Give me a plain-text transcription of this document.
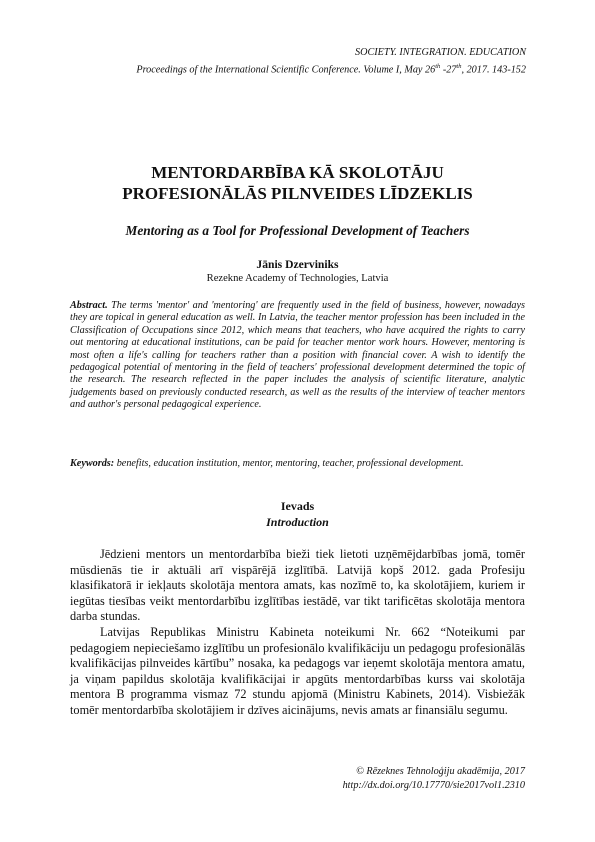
SOCIETY. INTEGRATION. EDUCATION
Proceedings of the International Scientific Conference. Volume I, May 26th -27th, 2017. 143-152
MENTORDARBĪBA KĀ SKOLOTĀJU
PROFESIONĀLĀS PILNVEIDES LĪDZEKLIS
Mentoring as a Tool for Professional Development of Teachers
Jānis Dzerviniks
Rezekne Academy of Technologies, Latvia
Abstract. The terms 'mentor' and 'mentoring' are frequently used in the field of business, however, nowadays they are topical in general education as well. In Latvia, the teacher mentor profession has been included in the Classification of Occupations since 2012, which means that teachers, who have acquired the rights to carry out mentoring at educational institutions, can be paid for teacher mentor work hours. However, mentoring is most often a life's calling for teachers rather than a position with financial cover. A wish to identify the pedagogical potential of mentoring in the field of teachers' professional development determined the topic of the research. The research reflected in the paper includes the analysis of scientific literature, analytic judgements based on previously conducted research, as well as the results of the interview of teacher mentors and author's personal pedagogical experience.
Keywords: benefits, education institution, mentor, mentoring, teacher, professional development.
Ievads
Introduction

Jēdzieni mentors un mentordarbība bieži tiek lietoti uzņēmējdarbības jomā, tomēr mūsdienās tie ir aktuāli arī vispārējā izglītībā. Latvijā kopš 2012. gada Profesiju klasifikatorā ir iekļauts skolotāja mentora amats, kas nozīmē to, ka skolotājiem, kuriem ir iegūtas tiesības veikt mentordarbību izglītības iestādē, var tikt tarificētas skolotāja mentora darba stundas.

Latvijas Republikas Ministru Kabineta noteikumi Nr. 662 “Noteikumi par pedagogiem nepieciešamo izglītību un profesionālo kvalifikāciju un pedagogu profesionālās kvalifikācijas pilnveides kārtību” nosaka, ka pedagogs var ieņemt skolotāja mentora amatu, ja viņam papildus skolotāja kvalifikācijai ir apgūts mentordarbības kurss vai skolotāja mentora B programma vismaz 72 stundu apjomā (Ministru Kabinets, 2014). Visbiežāk tomēr mentordarbība skolotājiem ir dzīves aicinājums, nevis amats ar finansiālu segumu.

© Rēzeknes Tehnoloģiju akadēmija, 2017
http://dx.doi.org/10.17770/sie2017vol1.2310
